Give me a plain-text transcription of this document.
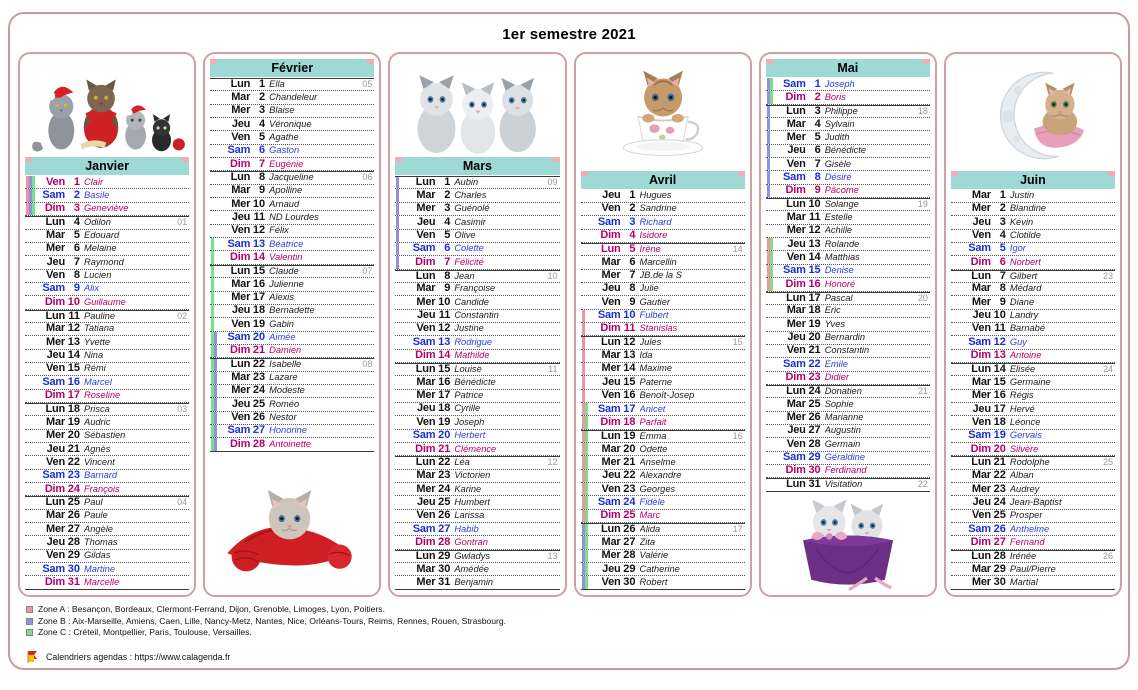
1er semestre 2021
Janvier
Ven 1 Clair
Sam 2 Basile
Dim 3 Geneviève
Lun 4 Odilon	01
Mar 5 Edouard
Mer 6 Melaine
Jeu 7 Raymond
Ven 8 Lucien
Sam 9 Alix
Dim 10 Guillaume
Lun 11 Pauline	02
Mar 12 Tatiana
Mer 13 Yvette
Jeu 14 Nina
Ven 15 Rémi
Sam 16 Marcel
Dim 17 Roseline
Lun 18 Prisca	03
Mar 19 Audric
Mer 20 Sébastien
Jeu 21 Agnès
Ven 22 Vincent
Sam 23 Barnard
Dim 24 François
Lun 25 Paul	04
Mar 26 Paule
Mer 27 Angèle
Jeu 28 Thomas
Ven 29 Gildas
Sam 30 Martine
Dim 31 Marcelle
Février
Lun 1 Ella	05
Mar 2 Chandeleur
Mer 3 Blaise
Jeu 4 Véronique
Ven 5 Agathe
Sam 6 Gaston
Dim 7 Eugénie
Lun 8 Jacqueline	06
Mar 9 Apolline
Mer 10 Arnaud
Jeu 11 ND Lourdes
Ven 12 Félix
Sam 13 Béatrice
Dim 14 Valentin
Lun 15 Claude	07
Mar 16 Julienne
Mer 17 Alexis
Jeu 18 Bernadette
Ven 19 Gabin
Sam 20 Aimée
Dim 21 Damien
Lun 22 Isabelle	08
Mar 23 Lazare
Mer 24 Modeste
Jeu 25 Roméo
Ven 26 Nestor
Sam 27 Honorine
Dim 28 Antoinette
Mars
Lun 1 Aubin	09
Mar 2 Charles
Mer 3 Guénolé
Jeu 4 Casimir
Ven 5 Olive
Sam 6 Colette
Dim 7 Félicité
Lun 8 Jean	10
Mar 9 Françoise
Mer 10 Candide
Jeu 11 Constantin
Ven 12 Justine
Sam 13 Rodrigue
Dim 14 Mathilde
Lun 15 Louise	11
Mar 16 Bénédicte
Mer 17 Patrice
Jeu 18 Cyrille
Ven 19 Joseph
Sam 20 Herbert
Dim 21 Clémence
Lun 22 Léa	12
Mar 23 Victorien
Mer 24 Karine
Jeu 25 Humbert
Ven 26 Larissa
Sam 27 Habib
Dim 28 Gontran
Lun 29 Gwladys	13
Mar 30 Amédée
Mer 31 Benjamin
Avril
Jeu 1 Hugues
Ven 2 Sandrine
Sam 3 Richard
Dim 4 Isidore
Lun 5 Irène	14
Mar 6 Marcellin
Mer 7 JB.de la S
Jeu 8 Julie
Ven 9 Gautier
Sam 10 Fulbert
Dim 11 Stanislas
Lun 12 Jules	15
Mar 13 Ida
Mer 14 Maxime
Jeu 15 Paterne
Ven 16 Benoît-Josep
Sam 17 Anicet
Dim 18 Parfait
Lun 19 Emma	16
Mar 20 Odette
Mer 21 Anselme
Jeu 22 Alexandre
Ven 23 Georges
Sam 24 Fidèle
Dim 25 Marc
Lun 26 Alida	17
Mar 27 Zita
Mer 28 Valérie
Jeu 29 Catherine
Ven 30 Robert
Mai
Sam 1 Joseph
Dim 2 Boris
Lun 3 Philippe	18
Mar 4 Sylvain
Mer 5 Judith
Jeu 6 Bénédicte
Ven 7 Gisèle
Sam 8 Désiré
Dim 9 Pâcome
Lun 10 Solange	19
Mar 11 Estelle
Mer 12 Achille
Jeu 13 Rolande
Ven 14 Matthias
Sam 15 Denise
Dim 16 Honoré
Lun 17 Pascal	20
Mar 18 Eric
Mer 19 Yves
Jeu 20 Bernardin
Ven 21 Constantin
Sam 22 Emile
Dim 23 Didier
Lun 24 Donatien	21
Mar 25 Sophie
Mer 26 Marianne
Jeu 27 Augustin
Ven 28 Germain
Sam 29 Géraldine
Dim 30 Ferdinand
Lun 31 Visitation	22
Juin
Mar 1 Justin
Mer 2 Blandine
Jeu 3 Kévin
Ven 4 Clotilde
Sam 5 Igor
Dim 6 Norbert
Lun 7 Gilbert	23
Mar 8 Médard
Mer 9 Diane
Jeu 10 Landry
Ven 11 Barnabé
Sam 12 Guy
Dim 13 Antoine
Lun 14 Elisée	24
Mar 15 Germaine
Mer 16 Régis
Jeu 17 Hervé
Ven 18 Léonce
Sam 19 Gervais
Dim 20 Silvère
Lun 21 Rodolphe	25
Mar 22 Alban
Mer 23 Audrey
Jeu 24 Jean-Baptist
Ven 25 Prosper
Sam 26 Anthelme
Dim 27 Fernand
Lun 28 Irénée	26
Mar 29 Paul/Pierre
Mer 30 Martial
Zone A : Besançon, Bordeaux, Clermont-Ferrand, Dijon, Grenoble, Limoges, Lyon, Poitiers.
Zone B : Aix-Marseille, Amiens, Caen, Lille, Nancy-Metz, Nantes, Nice, Orléans-Tours, Reims, Rennes, Rouen, Strasbourg.
Zone C : Créteil, Montpellier, Paris, Toulouse, Versailles.
Calendriers agendas : https://www.calagenda.fr
